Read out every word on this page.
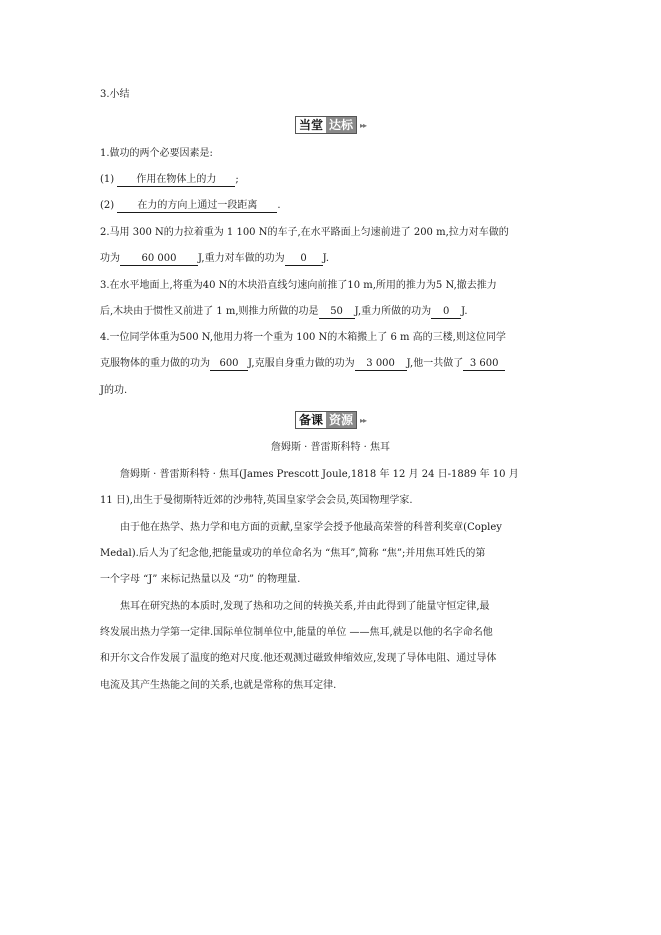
3.小结
当堂 达标 ▸▸
1.做功的两个必要因素是:
(1) 作用在物体上的力 ;
(2) 在力的方向上通过一段距离 .
2.马用 300 N的力拉着重为 1 100 N的车子,在水平路面上匀速前进了 200 m,拉力对车做的
功为 60 000 J,重力对车做的功为 0 J.
3.在水平地面上,将重为40 N的木块沿直线匀速向前推了10 m,所用的推力为5 N,撤去推力
后,木块由于惯性又前进了 1 m,则推力所做的功是 50 J,重力所做的功为 0 J.
4.一位同学体重为500 N,他用力将一个重为 100 N的木箱搬上了 6 m 高的三楼,则这位同学
克服物体的重力做的功为 600 J,克服自身重力做的功为 3 000 J,他一共做了 3 600
J的功.
备课 资源 ▸▸
詹姆斯 · 普雷斯科特 · 焦耳
詹姆斯 · 普雷斯科特 · 焦耳(James Prescott Joule,1818 年 12 月 24 日-1889 年 10 月
11 日),出生于曼彻斯特近郊的沙弗特,英国皇家学会会员,英国物理学家.
由于他在热学、热力学和电方面的贡献,皇家学会授予他最高荣誉的科普利奖章(Copley
Medal).后人为了纪念他,把能量或功的单位命名为 “焦耳”,简称 “焦”;并用焦耳姓氏的第
一个字母 “J” 来标记热量以及 “功” 的物理量.
焦耳在研究热的本质时,发现了热和功之间的转换关系,并由此得到了能量守恒定律,最
终发展出热力学第一定律.国际单位制单位中,能量的单位 ——焦耳,就是以他的名字命名他
和开尔文合作发展了温度的绝对尺度.他还观测过磁致伸缩效应,发现了导体电阻、通过导体
电流及其产生热能之间的关系,也就是常称的焦耳定律.
